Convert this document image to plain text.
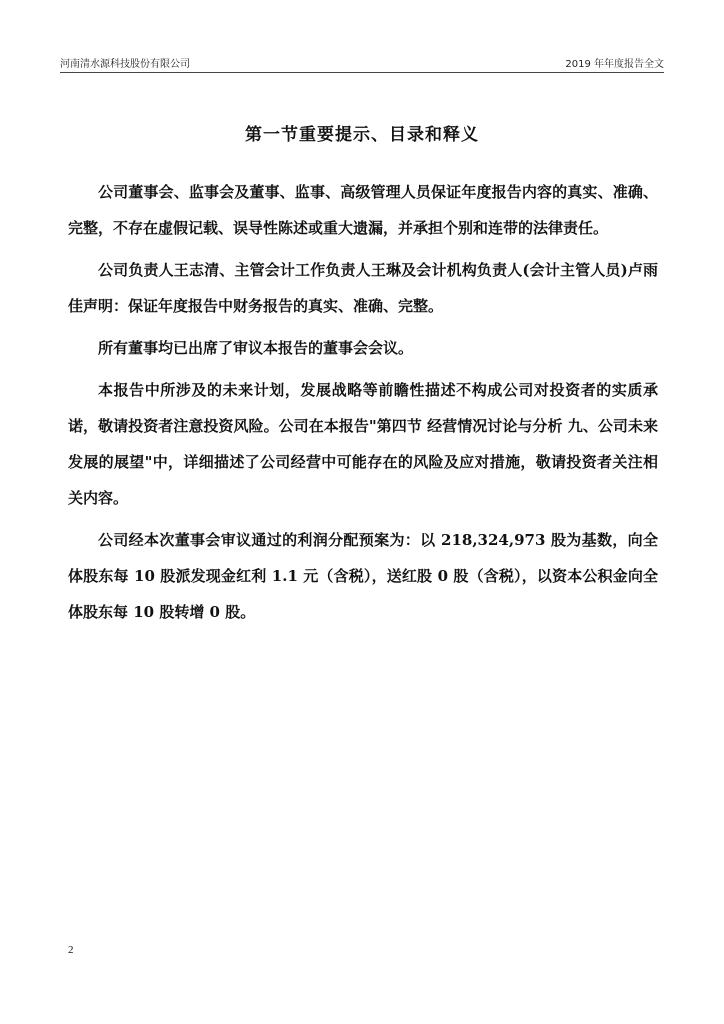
河南清水源科技股份有限公司	2019 年年度报告全文
第一节重要提示、目录和释义

公司董事会、监事会及董事、监事、高级管理人员保证年度报告内容的真实、准确、完整，不存在虚假记载、误导性陈述或重大遗漏，并承担个别和连带的法律责任。

公司负责人王志清、主管会计工作负责人王琳及会计机构负责人(会计主管人员)卢雨佳声明：保证年度报告中财务报告的真实、准确、完整。

所有董事均已出席了审议本报告的董事会会议。

本报告中所涉及的未来计划，发展战略等前瞻性描述不构成公司对投资者的实质承诺，敬请投资者注意投资风险。公司在本报告"第四节 经营情况讨论与分析 九、公司未来发展的展望"中，详细描述了公司经营中可能存在的风险及应对措施，敬请投资者关注相关内容。

公司经本次董事会审议通过的利润分配预案为：以 218,324,973 股为基数，向全体股东每 10 股派发现金红利 1.1 元（含税），送红股 0 股（含税），以资本公积金向全体股东每 10 股转增 0 股。

2
